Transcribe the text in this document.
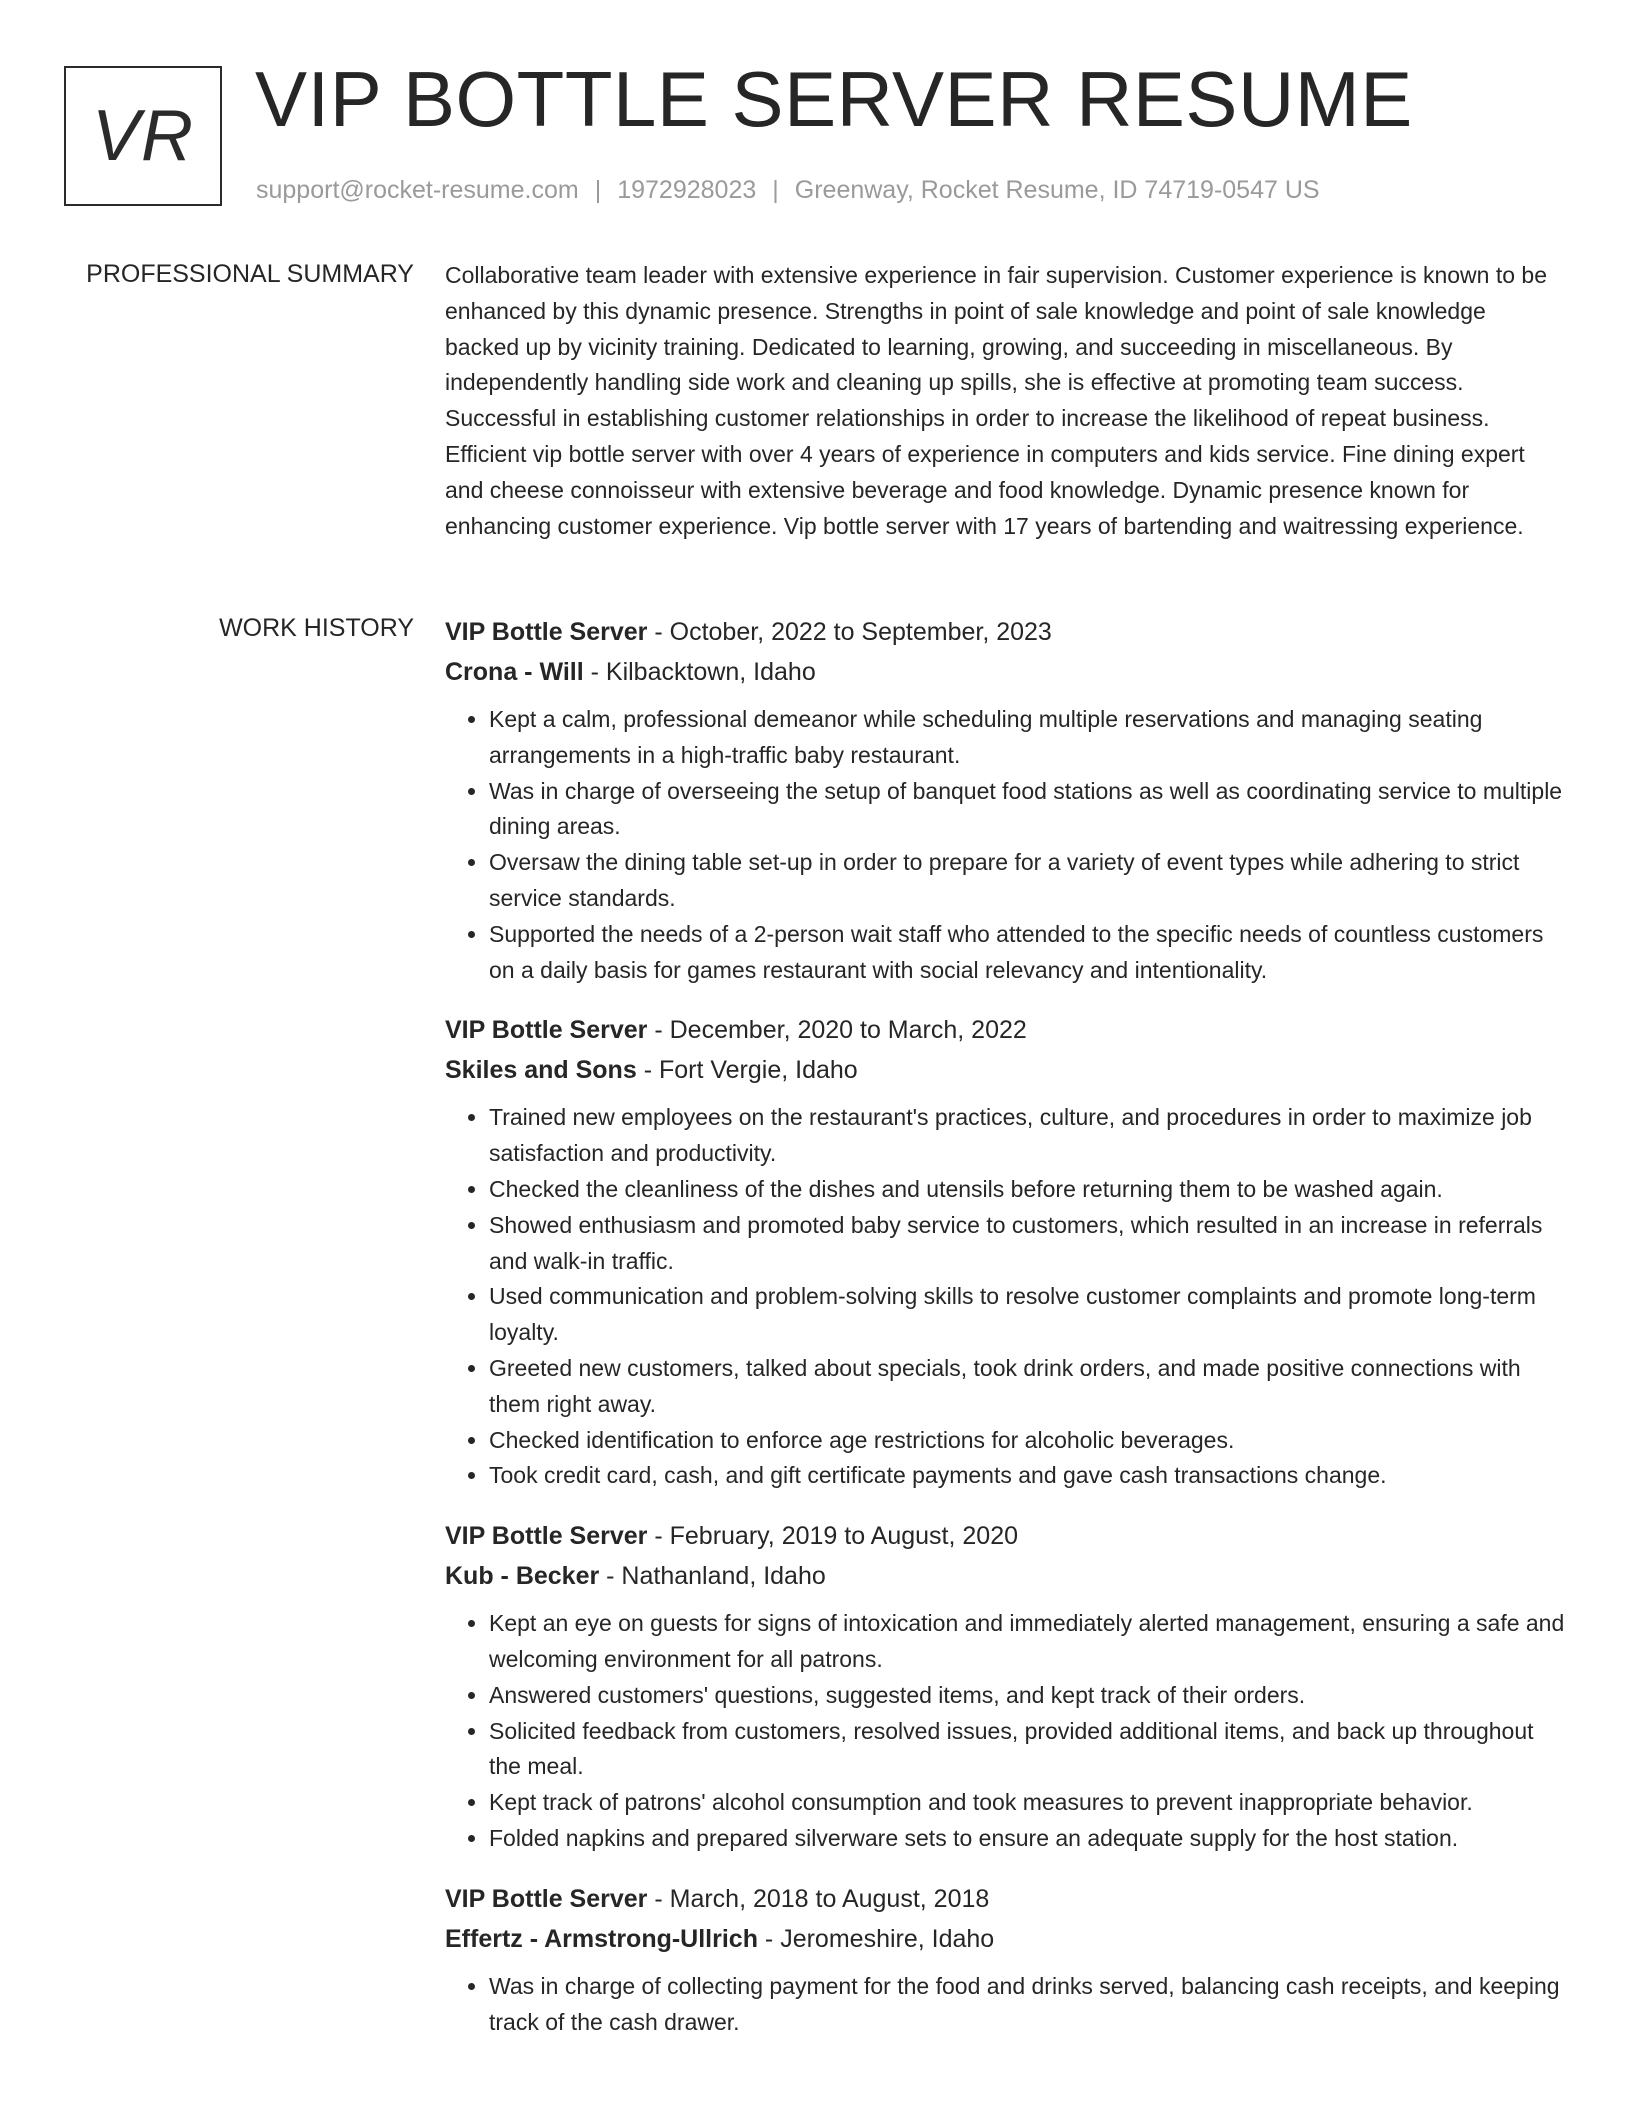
VR VIP BOTTLE SERVER RESUME
support@rocket-resume.com | 1972928023 | Greenway, Rocket Resume, ID 74719-0547 US
PROFESSIONAL SUMMARY Collaborative team leader with extensive experience in fair supervision. Customer experience is known to be enhanced by this dynamic presence. Strengths in point of sale knowledge and point of sale knowledge backed up by vicinity training. Dedicated to learning, growing, and succeeding in miscellaneous. By independently handling side work and cleaning up spills, she is effective at promoting team success. Successful in establishing customer relationships in order to increase the likelihood of repeat business. Efficient vip bottle server with over 4 years of experience in computers and kids service. Fine dining expert and cheese connoisseur with extensive beverage and food knowledge. Dynamic presence known for enhancing customer experience. Vip bottle server with 17 years of bartending and waitressing experience.
WORK HISTORY VIP Bottle Server - October, 2022 to September, 2023
Crona - Will - Kilbacktown, Idaho
• Kept a calm, professional demeanor while scheduling multiple reservations and managing seating arrangements in a high-traffic baby restaurant.
• Was in charge of overseeing the setup of banquet food stations as well as coordinating service to multiple dining areas.
• Oversaw the dining table set-up in order to prepare for a variety of event types while adhering to strict service standards.
• Supported the needs of a 2-person wait staff who attended to the specific needs of countless customers on a daily basis for games restaurant with social relevancy and intentionality.
VIP Bottle Server - December, 2020 to March, 2022
Skiles and Sons - Fort Vergie, Idaho
• Trained new employees on the restaurant's practices, culture, and procedures in order to maximize job satisfaction and productivity.
• Checked the cleanliness of the dishes and utensils before returning them to be washed again.
• Showed enthusiasm and promoted baby service to customers, which resulted in an increase in referrals and walk-in traffic.
• Used communication and problem-solving skills to resolve customer complaints and promote long-term loyalty.
• Greeted new customers, talked about specials, took drink orders, and made positive connections with them right away.
• Checked identification to enforce age restrictions for alcoholic beverages.
• Took credit card, cash, and gift certificate payments and gave cash transactions change.
VIP Bottle Server - February, 2019 to August, 2020
Kub - Becker - Nathanland, Idaho
• Kept an eye on guests for signs of intoxication and immediately alerted management, ensuring a safe and welcoming environment for all patrons.
• Answered customers' questions, suggested items, and kept track of their orders.
• Solicited feedback from customers, resolved issues, provided additional items, and back up throughout the meal.
• Kept track of patrons' alcohol consumption and took measures to prevent inappropriate behavior.
• Folded napkins and prepared silverware sets to ensure an adequate supply for the host station.
VIP Bottle Server - March, 2018 to August, 2018
Effertz - Armstrong-Ullrich - Jeromeshire, Idaho
• Was in charge of collecting payment for the food and drinks served, balancing cash receipts, and keeping track of the cash drawer.
